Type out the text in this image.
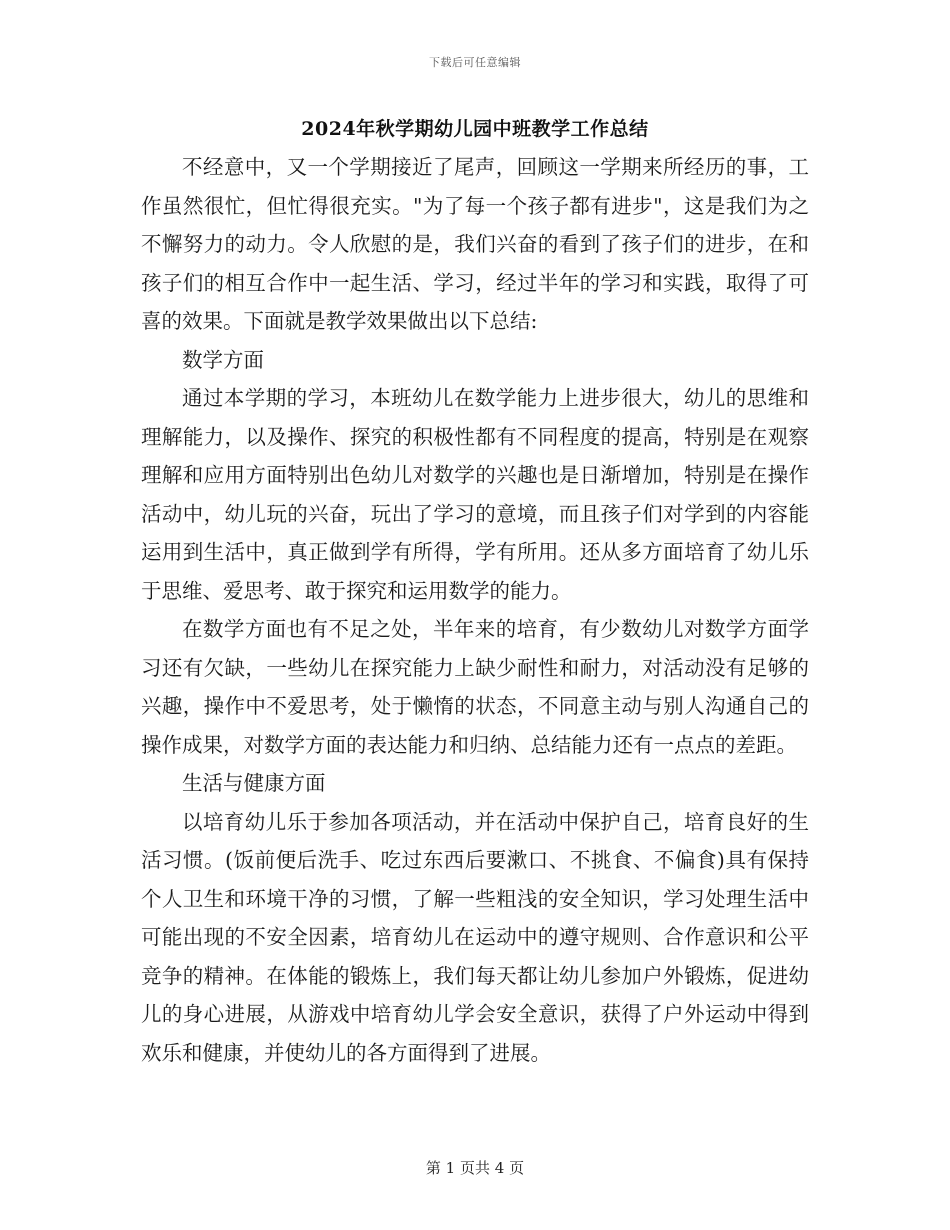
下载后可任意编辑
2024年秋学期幼儿园中班教学工作总结

不经意中，又一个学期接近了尾声，回顾这一学期来所经历的事，工作虽然很忙，但忙得很充实。"为了每一个孩子都有进步"，这是我们为之不懈努力的动力。令人欣慰的是，我们兴奋的看到了孩子们的进步，在和孩子们的相互合作中一起生活、学习，经过半年的学习和实践，取得了可喜的效果。下面就是教学效果做出以下总结:

数学方面

通过本学期的学习，本班幼儿在数学能力上进步很大，幼儿的思维和理解能力，以及操作、探究的积极性都有不同程度的提高，特别是在观察理解和应用方面特别出色幼儿对数学的兴趣也是日渐增加，特别是在操作活动中，幼儿玩的兴奋，玩出了学习的意境，而且孩子们对学到的内容能运用到生活中，真正做到学有所得，学有所用。还从多方面培育了幼儿乐于思维、爱思考、敢于探究和运用数学的能力。

在数学方面也有不足之处，半年来的培育，有少数幼儿对数学方面学习还有欠缺，一些幼儿在探究能力上缺少耐性和耐力，对活动没有足够的兴趣，操作中不爱思考，处于懒惰的状态，不同意主动与别人沟通自己的操作成果，对数学方面的表达能力和归纳、总结能力还有一点点的差距。

生活与健康方面

以培育幼儿乐于参加各项活动，并在活动中保护自己，培育良好的生活习惯。(饭前便后洗手、吃过东西后要漱口、不挑食、不偏食)具有保持个人卫生和环境干净的习惯，了解一些粗浅的安全知识，学习处理生活中可能出现的不安全因素，培育幼儿在运动中的遵守规则、合作意识和公平竞争的精神。在体能的锻炼上，我们每天都让幼儿参加户外锻炼，促进幼儿的身心进展，从游戏中培育幼儿学会安全意识，获得了户外运动中得到欢乐和健康，并使幼儿的各方面得到了进展。

第 1 页共 4 页
